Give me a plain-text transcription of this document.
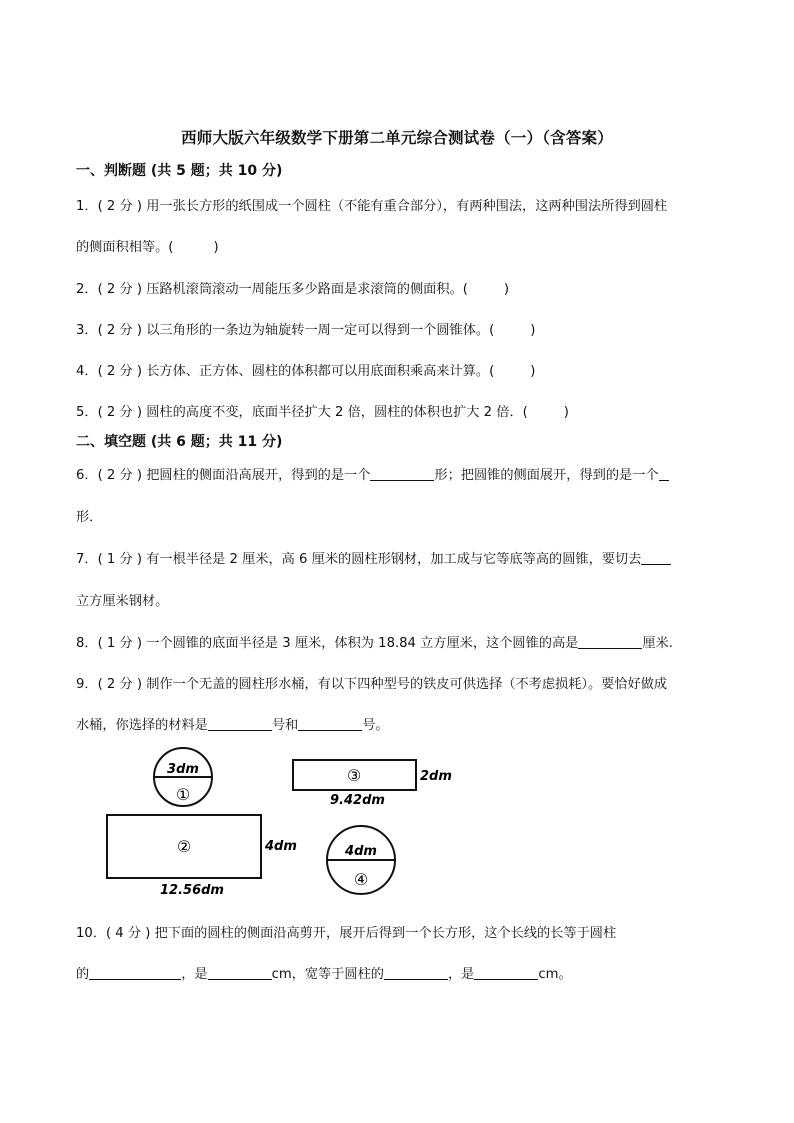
西师大版六年级数学下册第二单元综合测试卷（一）（含答案）
一、判断题 (共 5 题；共 10 分)
1．( 2 分 ) 用一张长方形的纸围成一个圆柱（不能有重合部分），有两种围法，这两种围法所得到圆柱
的侧面积相等。(	)
2．( 2 分 ) 压路机滚筒滚动一周能压多少路面是求滚筒的侧面积。(	)
3．( 2 分 ) 以三角形的一条边为轴旋转一周一定可以得到一个圆锥体。(	)
4．( 2 分 ) 长方体、正方体、圆柱的体积都可以用底面积乘高来计算。(	)
5．( 2 分 ) 圆柱的高度不变，底面半径扩大 2 倍，圆柱的体积也扩大 2 倍．(	)
二、填空题 (共 6 题；共 11 分)
6．( 2 分 ) 把圆柱的侧面沿高展开，得到的是一个	形；把圆锥的侧面展开，得到的是一个
形．
7．( 1 分 ) 有一根半径是 2 厘米，高 6 厘米的圆柱形钢材，加工成与它等底等高的圆锥，要切去
立方厘米钢材。
8．( 1 分 ) 一个圆锥的底面半径是 3 厘米，体积为 18.84 立方厘米，这个圆锥的高是	厘米.
9．( 2 分 ) 制作一个无盖的圆柱形水桶，有以下四种型号的铁皮可供选择（不考虑损耗）。要恰好做成
水桶，你选择的材料是	号和	号。
3dm
①
③	2dm
9.42dm
②	4dm
12.56dm
4dm
④
10．( 4 分 ) 把下面的圆柱的侧面沿高剪开，展开后得到一个长方形，这个长线的长等于圆柱
的	，是	cm，宽等于圆柱的	，是	cm。
